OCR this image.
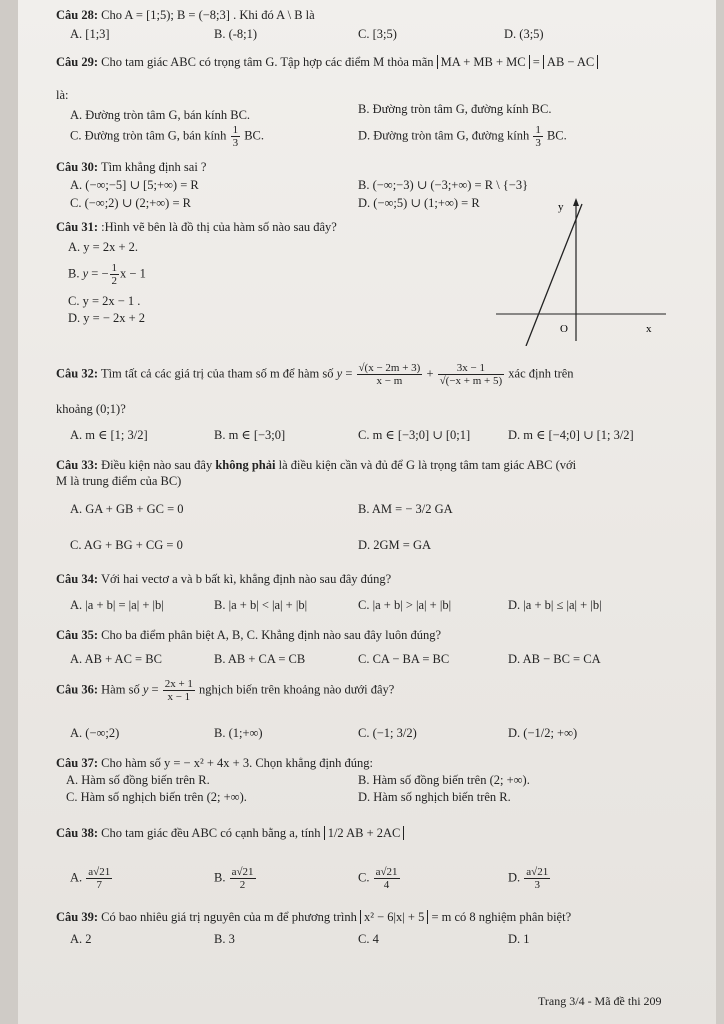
Câu 28: Cho A = [1;5); B = (−8;3] . Khi đó A \ B là
A. [1;3]	B. (-8;1)	C. [3;5)	D. (3;5)
Câu 29: Cho tam giác ABC có trọng tâm G. Tập hợp các điểm M thỏa mãn MA + MB + MC = AB − AC
là:
A. Đường tròn tâm G, bán kính BC.	B. Đường tròn tâm G, đường kính BC.
C. Đường tròn tâm G, bán kính $\frac{1}{3}$ BC.	D. Đường tròn tâm G, đường kính $\frac{1}{3}$ BC.
Câu 30: Tìm khẳng định sai ?
A. (−∞;−5] ∪ [5;+∞) = R	B. (−∞;−3) ∪ (−3;+∞) = R \ {−3}
C. (−∞;2) ∪ (2;+∞) = R	D. (−∞;5) ∪ (1;+∞) = R
Câu 31: :Hình vẽ bên là đồ thị của hàm số nào sau đây?
A. y = 2x + 2.
B. y = − $\frac{1}{2}$ x − 1
C. y = 2x − 1 .
D. y = − 2x + 2
y
x
O
Câu 32: Tìm tất cả các giá trị của tham số m để hàm số $y = \frac{√(x - 2m + 3)}{x - m} + \frac{3x - 1}{√(-x + m + 5)}$ xác định trên
khoảng (0;1)?
A. m ∈ [1; 3/2]	B. m ∈ [−3;0]	C. m ∈ [−3;0] ∪ [0;1]	D. m ∈ [−4;0] ∪ [1; 3/2]
Câu 33: Điều kiện nào sau đây không phải là điều kiện cần và đủ để G là trọng tâm tam giác ABC (với
M là trung điểm của BC)
A. GA + GB + GC = 0	B. AM = − 3/2 GA
C. AG + BG + CG = 0	D. 2GM = GA
Câu 34: Với hai vectơ a và b bất kì, khẳng định nào sau đây đúng?
A. |a + b| = |a| + |b|	B. |a + b| < |a| + |b|	C. |a + b| > |a| + |b|	D. |a + b| ≤ |a| + |b|
Câu 35: Cho ba điểm phân biệt A, B, C. Khẳng định nào sau đây luôn đúng?
A. AB + AC = BC	B. AB + CA = CB	C. CA − BA = BC	D. AB − BC = CA
Câu 36: Hàm số $y = \frac{2x + 1}{x - 1}$ nghịch biến trên khoảng nào dưới đây?
A. (−∞;2)	B. (1;+∞)	C. (−1; 3/2)	D. (−1/2; +∞)
Câu 37: Cho hàm số y = − x² + 4x + 3. Chọn khẳng định đúng:
A. Hàm số đồng biến trên R.	B. Hàm số đồng biến trên (2; +∞).
C. Hàm số nghịch biến trên (2; +∞).	D. Hàm số nghịch biến trên R.
Câu 38: Cho tam giác đều ABC có cạnh bằng a, tính 1/2 AB + 2AC
A. $\frac{a√21}{7}$	B. $\frac{a√21}{2}$	C. $\frac{a√21}{4}$	D. $\frac{a√21}{3}$
Câu 39: Có bao nhiêu giá trị nguyên của m để phương trình x² − 6|x| + 5 = m có 8 nghiệm phân biệt?
A. 2	B. 3	C. 4	D. 1
Trang 3/4 - Mã đề thi 209
